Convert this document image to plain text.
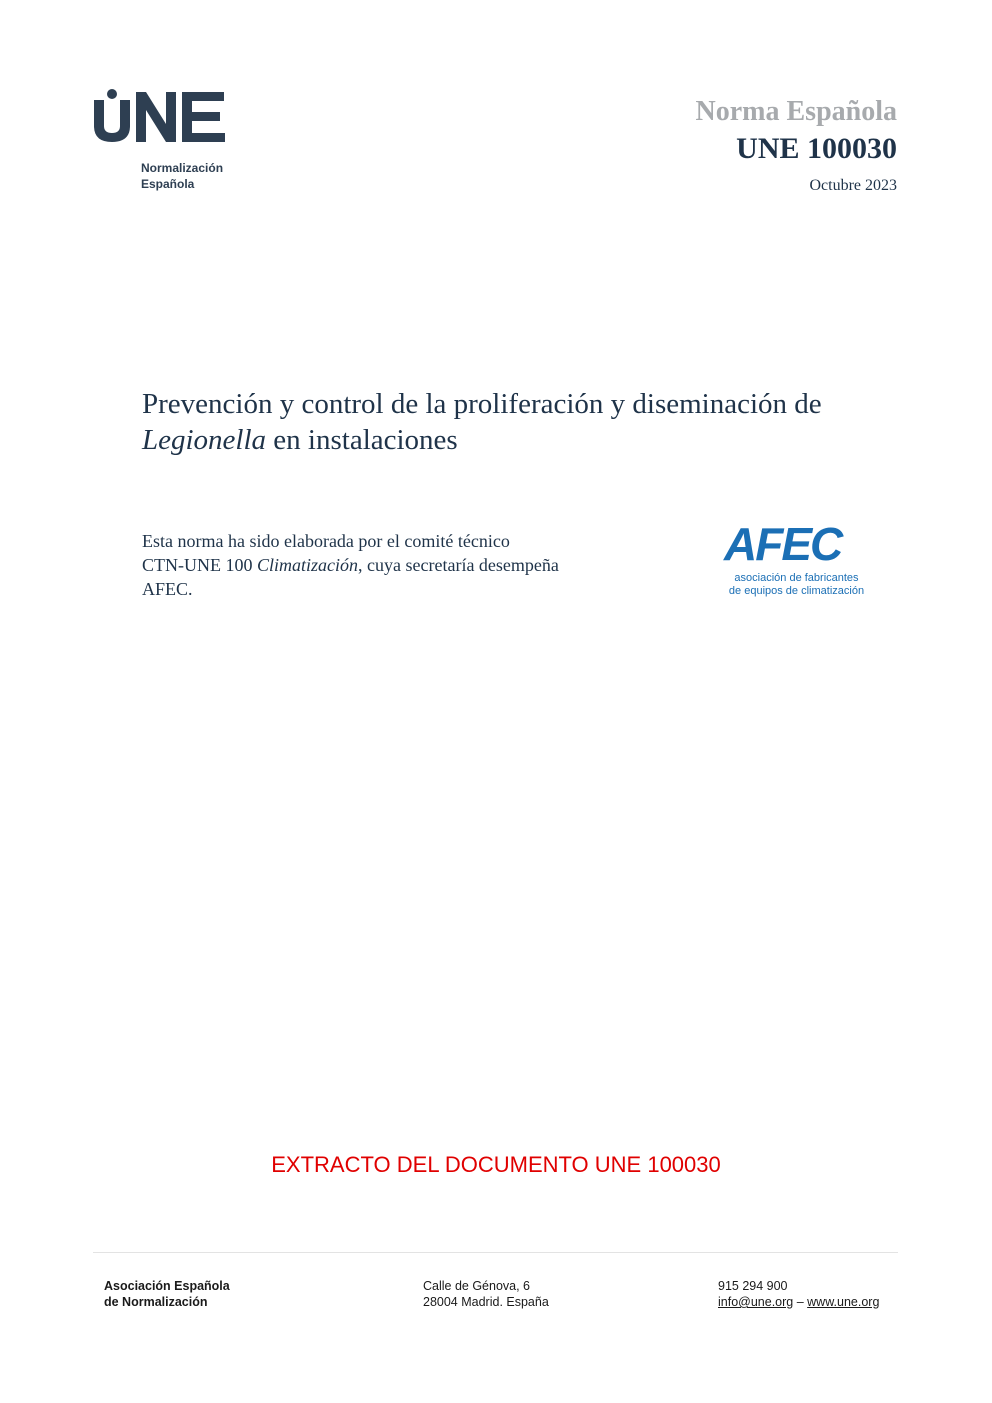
Normalización
Española
Norma Española
UNE 100030
Octubre 2023
Prevención y control de la proliferación y diseminación de
Legionella en instalaciones
Esta norma ha sido elaborada por el comité técnico
CTN-UNE 100 Climatización, cuya secretaría desempeña
AFEC.
AFEC
asociación de fabricantes
de equipos de climatización
EXTRACTO DEL DOCUMENTO UNE 100030
Asociación Española
de Normalización
Calle de Génova, 6
28004 Madrid. España
915 294 900
info@une.org – www.une.org
